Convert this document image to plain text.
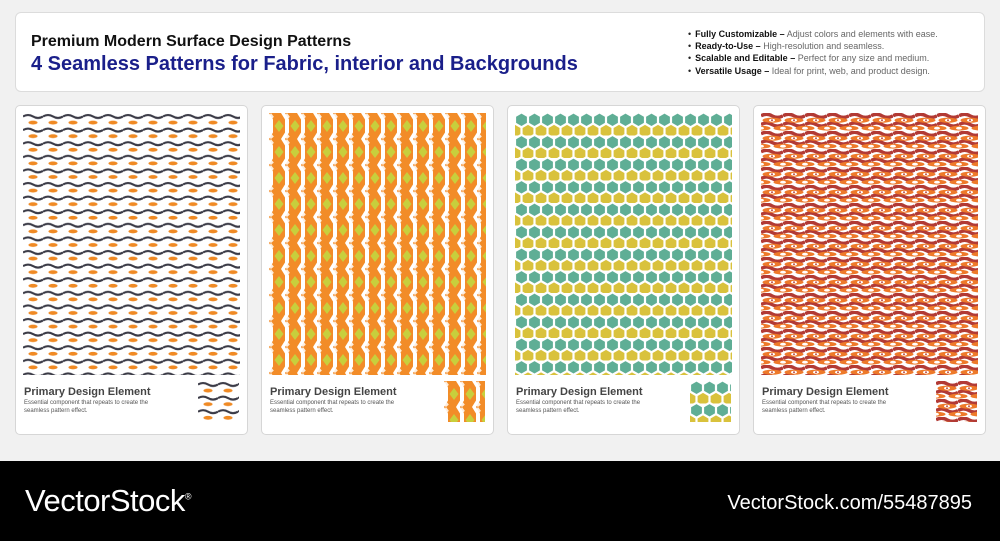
Premium Modern Surface Design Patterns
4 Seamless Patterns for Fabric, interior and Backgrounds
• Fully Customizable – Adjust colors and elements with ease.
• Ready-to-Use – High-resolution and seamless.
• Scalable and Editable – Perfect for any size and medium.
• Versatile Usage – Ideal for print, web, and product design.
Primary Design Element
Essential component that repeats to create the seamless pattern effect.
Primary Design Element
Essential component that repeats to create the seamless pattern effect.
Primary Design Element
Essential component that repeats to create the seamless pattern effect.
Primary Design Element
Essential component that repeats to create the seamless pattern effect.
VectorStock®	VectorStock.com/55487895
